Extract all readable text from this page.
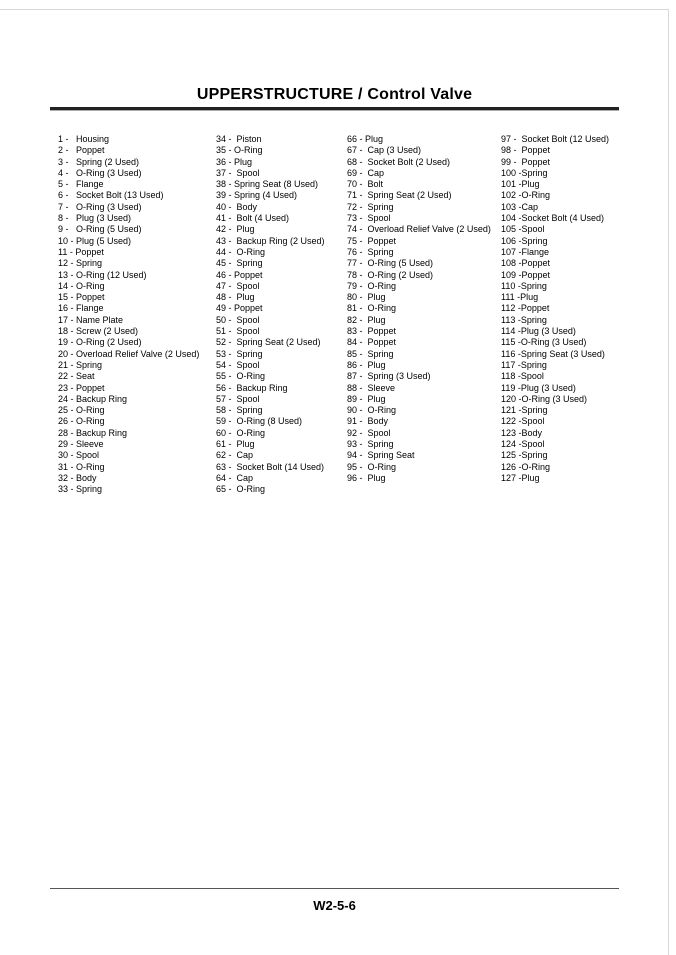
UPPERSTRUCTURE / Control Valve
1 -   Housing
2 -   Poppet
3 -   Spring (2 Used)
4 -   O-Ring (3 Used)
5 -   Flange
6 -   Socket Bolt (13 Used)
7 -   O-Ring (3 Used)
8 -   Plug (3 Used)
9 -   O-Ring (5 Used)
10 - Plug (5 Used)
11 - Poppet
12 - Spring
13 - O-Ring (12 Used)
14 - O-Ring
15 - Poppet
16 - Flange
17 - Name Plate
18 - Screw (2 Used)
19 - O-Ring (2 Used)
20 - Overload Relief Valve (2 Used)
21 - Spring
22 - Seat
23 - Poppet
24 - Backup Ring
25 - O-Ring
26 - O-Ring
28 - Backup Ring
29 - Sleeve
30 - Spool
31 - O-Ring
32 - Body
33 - Spring
34 -  Piston
35 - O-Ring
36 - Plug
37 -  Spool
38 - Spring Seat (8 Used)
39 - Spring (4 Used)
40 -  Body
41 -  Bolt (4 Used)
42 -  Plug
43 -  Backup Ring (2 Used)
44 -  O-Ring
45 -  Spring
46 - Poppet
47 -  Spool
48 -  Plug
49 - Poppet
50 -  Spool
51 -  Spool
52 -  Spring Seat (2 Used)
53 -  Spring
54 -  Spool
55 -  O-Ring
56 -  Backup Ring
57 -  Spool
58 -  Spring
59 -  O-Ring (8 Used)
60 -  O-Ring
61 -  Plug
62 -  Cap
63 -  Socket Bolt (14 Used)
64 -  Cap
65 -  O-Ring
66 - Plug
67 -  Cap (3 Used)
68 -  Socket Bolt (2 Used)
69 -  Cap
70 -  Bolt
71 -  Spring Seat (2 Used)
72 -  Spring
73 -  Spool
74 -  Overload Relief Valve (2 Used)
75 -  Poppet
76 -  Spring
77 -  O-Ring (5 Used)
78 -  O-Ring (2 Used)
79 -  O-Ring
80 -  Plug
81 -  O-Ring
82 -  Plug
83 -  Poppet
84 -  Poppet
85 -  Spring
86 -  Plug
87 -  Spring (3 Used)
88 -  Sleeve
89 -  Plug
90 -  O-Ring
91 -  Body
92 -  Spool
93 -  Spring
94 -  Spring Seat
95 -  O-Ring
96 -  Plug
97 -  Socket Bolt (12 Used)
98 -  Poppet
99 -  Poppet
100 -Spring
101 -Plug
102 -O-Ring
103 -Cap
104 -Socket Bolt (4 Used)
105 -Spool
106 -Spring
107 -Flange
108 -Poppet
109 -Poppet
110 -Spring
111 -Plug
112 -Poppet
113 -Spring
114 -Plug (3 Used)
115 -O-Ring (3 Used)
116 -Spring Seat (3 Used)
117 -Spring
118 -Spool
119 -Plug (3 Used)
120 -O-Ring (3 Used)
121 -Spring
122 -Spool
123 -Body
124 -Spool
125 -Spring
126 -O-Ring
127 -Plug
W2-5-6
